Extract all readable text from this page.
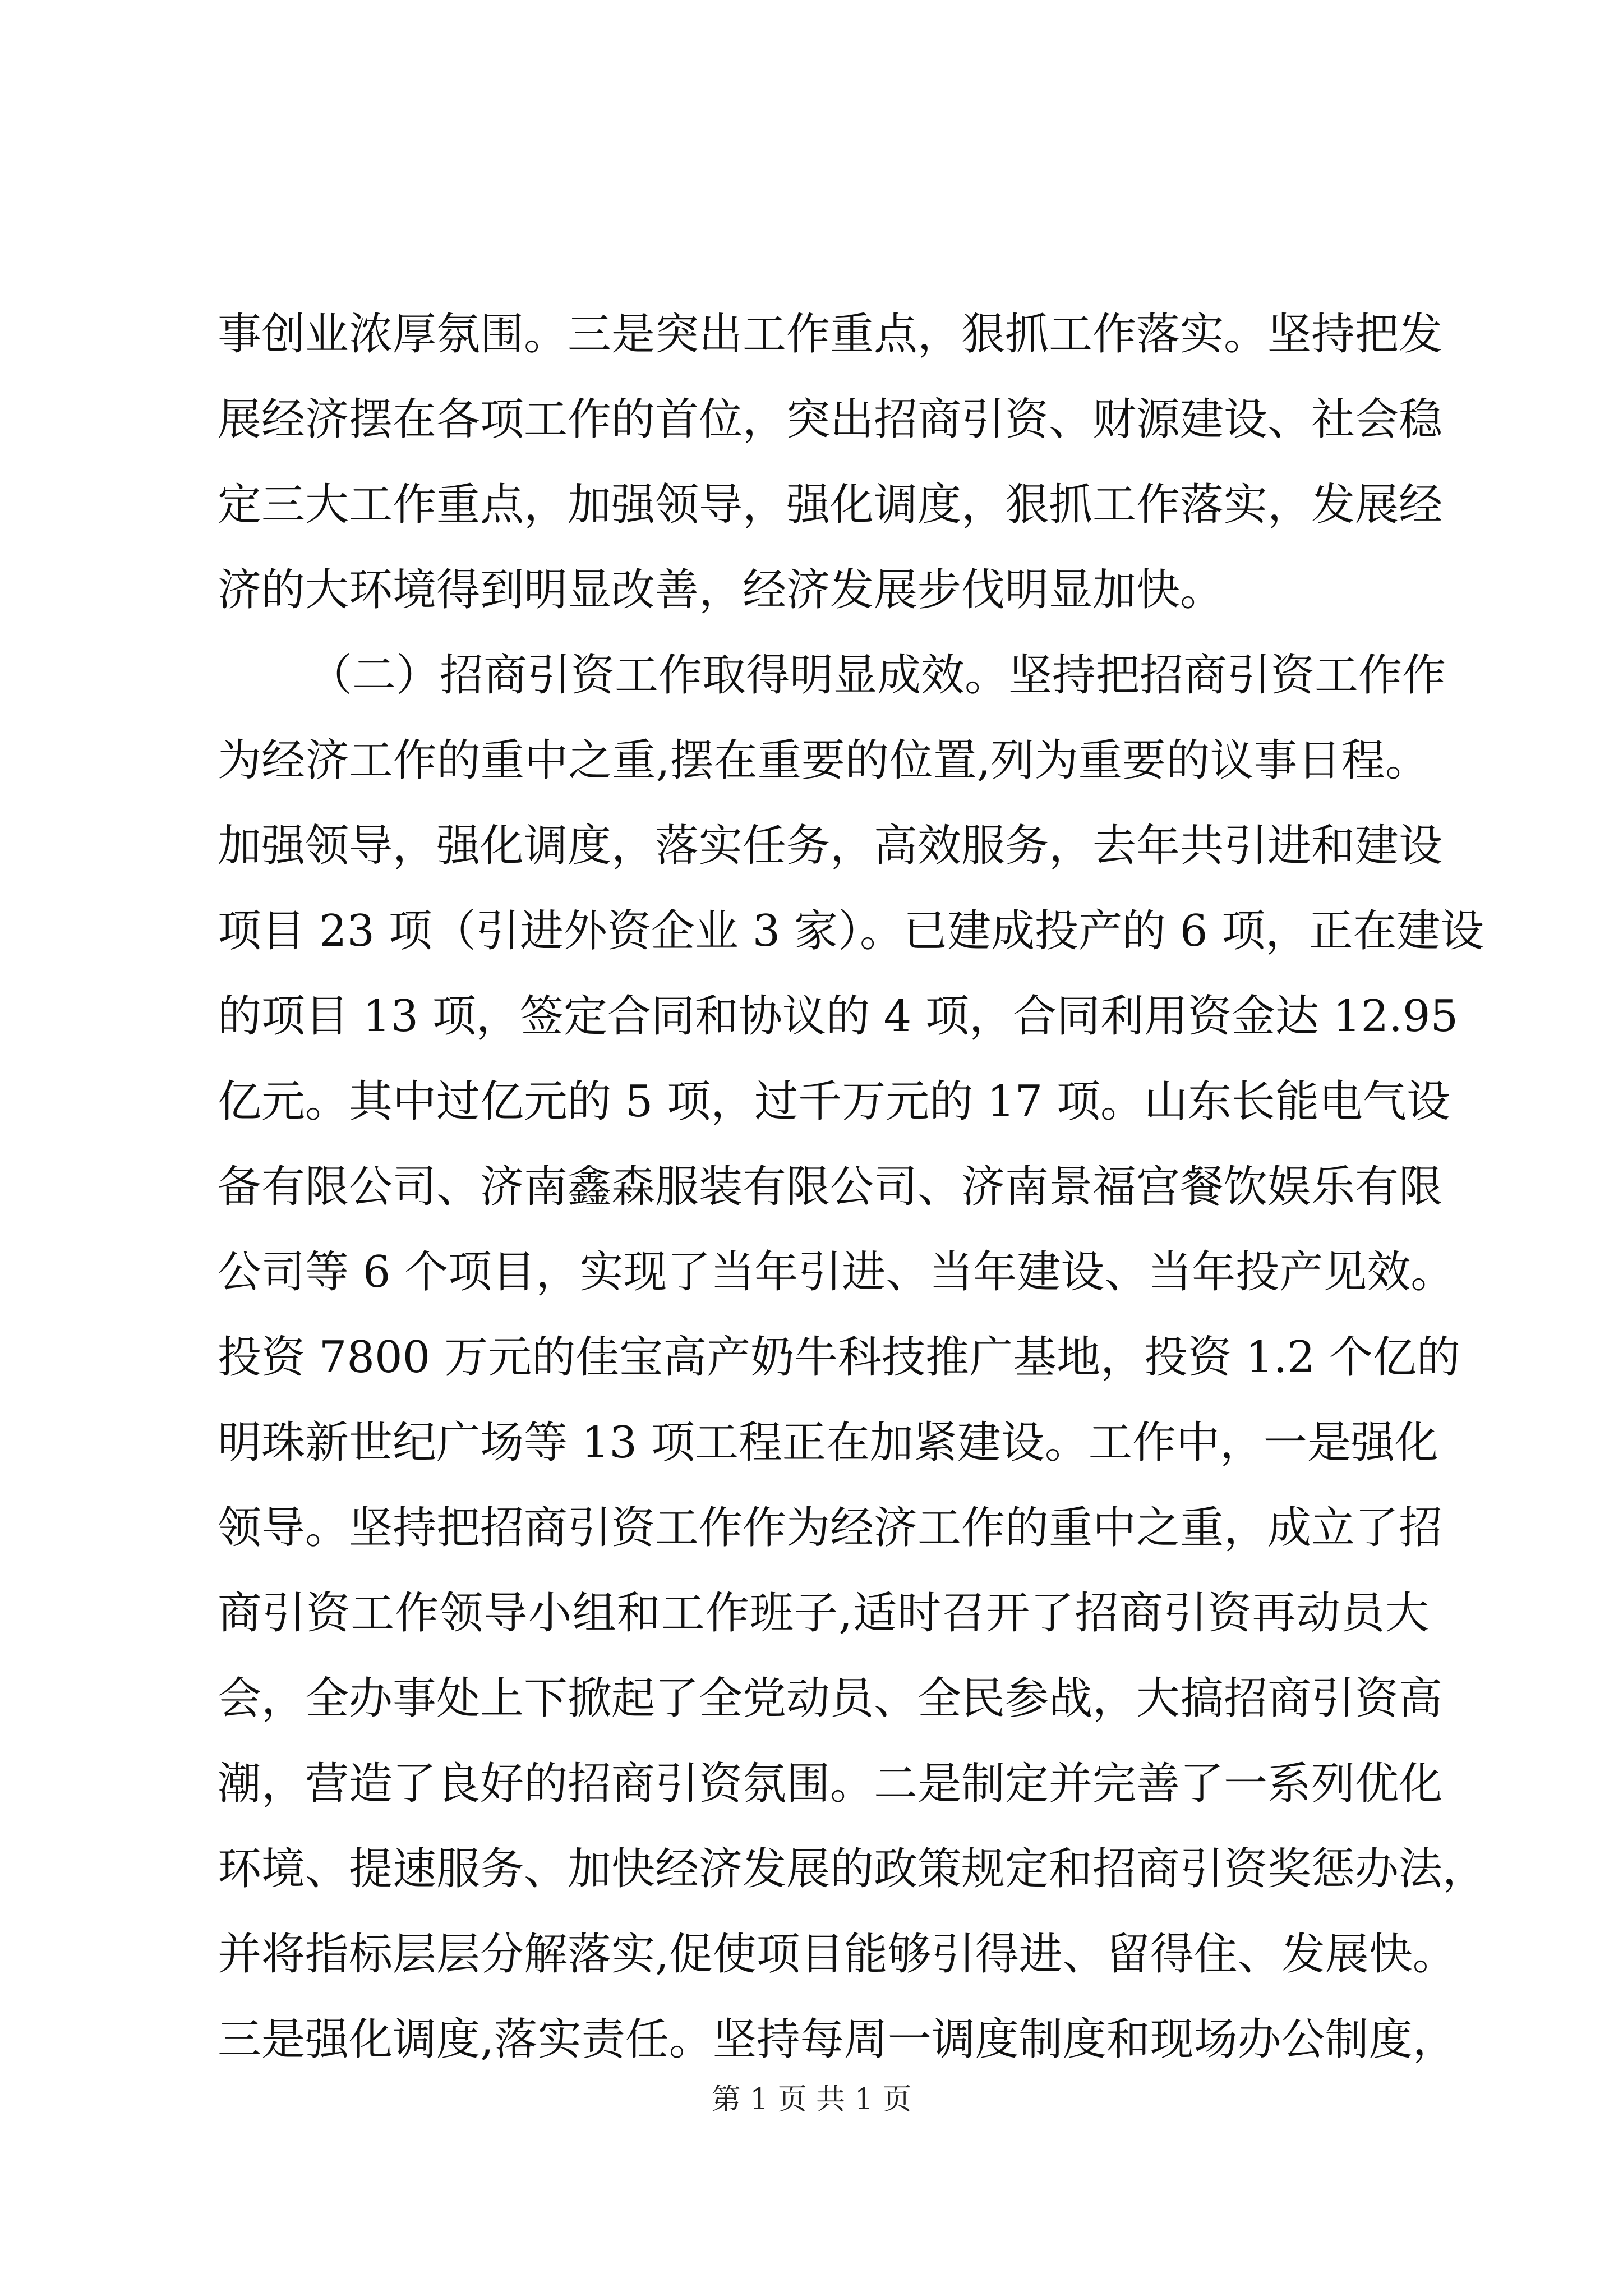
事创业浓厚氛围。三是突出工作重点，狠抓工作落实。坚持把发
展经济摆在各项工作的首位，突出招商引资、财源建设、社会稳
定三大工作重点，加强领导，强化调度，狠抓工作落实，发展经
济的大环境得到明显改善，经济发展步伐明显加快。
（二）招商引资工作取得明显成效。坚持把招商引资工作作
为经济工作的重中之重,摆在重要的位置,列为重要的议事日程。
加强领导，强化调度，落实任务，高效服务，去年共引进和建设
项目 23 项（引进外资企业 3 家）。已建成投产的 6 项，正在建设
的项目 13 项，签定合同和协议的 4 项，合同利用资金达 12.95
亿元。其中过亿元的 5 项，过千万元的 17 项。山东长能电气设
备有限公司、济南鑫森服装有限公司、济南景福宫餐饮娱乐有限
公司等 6 个项目，实现了当年引进、当年建设、当年投产见效。
投资 7800 万元的佳宝高产奶牛科技推广基地，投资 1.2 个亿的
明珠新世纪广场等 13 项工程正在加紧建设。工作中，一是强化
领导。坚持把招商引资工作作为经济工作的重中之重，成立了招
商引资工作领导小组和工作班子,适时召开了招商引资再动员大
会，全办事处上下掀起了全党动员、全民参战，大搞招商引资高
潮，营造了良好的招商引资氛围。二是制定并完善了一系列优化
环境、提速服务、加快经济发展的政策规定和招商引资奖惩办法，
并将指标层层分解落实,促使项目能够引得进、留得住、发展快。
三是强化调度,落实责任。坚持每周一调度制度和现场办公制度，
第 1 页 共 1 页
